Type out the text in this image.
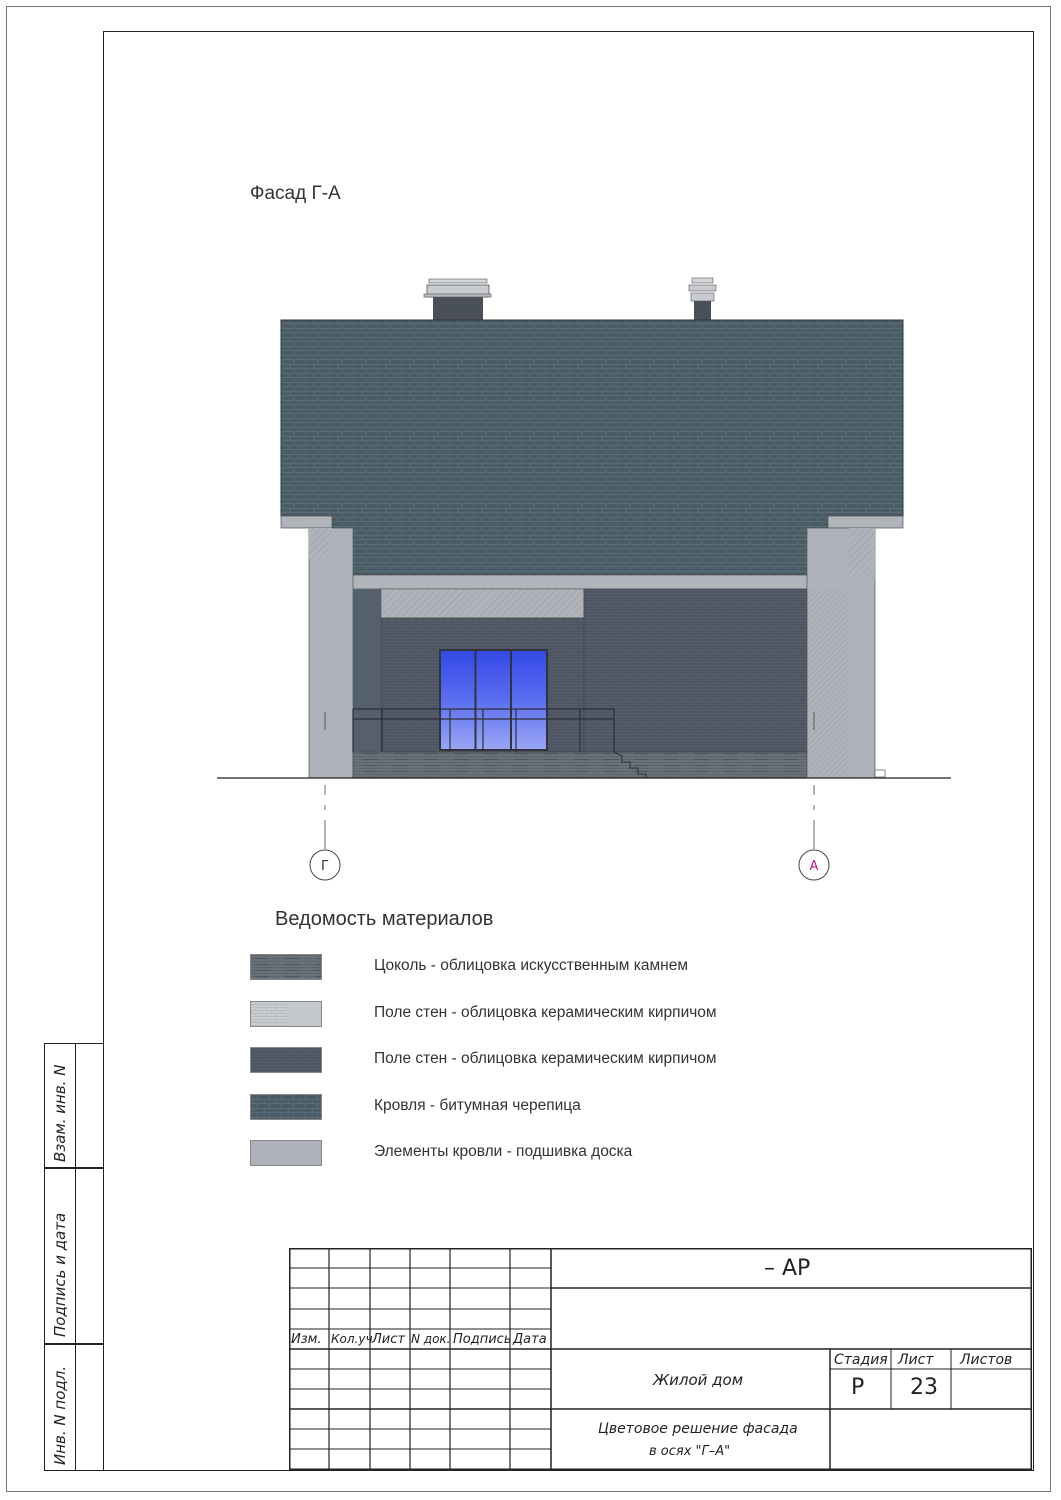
Фасад Г-А
Г	А
Ведомость материалов
Цоколь - облицовка искусственным камнем
Поле стен - облицовка керамическим кирпичом
Поле стен - облицовка керамическим кирпичом
Кровля - битумная черепица
Элементы кровли - подшивка доска
Взам. инв. N
Подпись и дата
Инв. N подл.
Изм. Кол.уч Лист N док. Подпись Дата
– АР
Жилой дом
Стадия Лист Листов
Р 23
Цветовое решение фасада
в осях "Г–А"
